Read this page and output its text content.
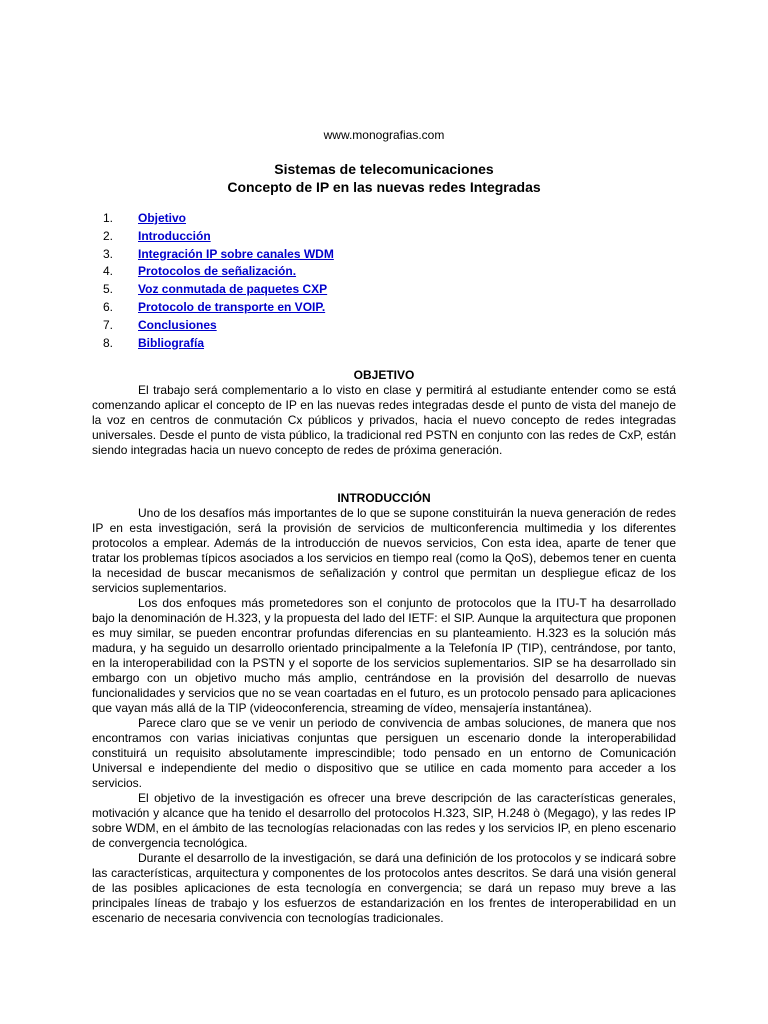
www.monografias.com
Sistemas de telecomunicaciones
Concepto de IP en las nuevas redes Integradas
1.	Objetivo
2.	Introducción
3.	Integración IP sobre canales WDM
4.	Protocolos de señalización.
5.	Voz conmutada de paquetes CXP
6.	Protocolo de transporte en VOIP.
7.	Conclusiones
8.	Bibliografía
OBJETIVO

El trabajo será complementario a lo visto en clase y permitirá al estudiante entender como se está comenzando aplicar el concepto de IP en las nuevas redes integradas desde el punto de vista del manejo de la voz en centros de conmutación Cx públicos y privados, hacia el nuevo concepto de redes integradas universales. Desde el punto de vista público, la tradicional red PSTN en conjunto con las redes de CxP, están siendo integradas hacia un nuevo concepto de redes de próxima generación.

INTRODUCCIÓN

Uno de los desafíos más importantes de lo que se supone constituirán la nueva generación de redes IP en esta investigación, será la provisión de servicios de multiconferencia multimedia y los diferentes protocolos a emplear. Además de la introducción de nuevos servicios, Con esta idea, aparte de tener que tratar los problemas típicos asociados a los servicios en tiempo real (como la QoS), debemos tener en cuenta la necesidad de buscar mecanismos de señalización y control que permitan un despliegue eficaz de los servicios suplementarios.

Los dos enfoques más prometedores son el conjunto de protocolos que la ITU-T ha desarrollado bajo la denominación de H.323, y la propuesta del lado del IETF: el SIP. Aunque la arquitectura que proponen es muy similar, se pueden encontrar profundas diferencias en su planteamiento. H.323 es la solución más madura, y ha seguido un desarrollo orientado principalmente a la Telefonía IP (TIP), centrándose, por tanto, en la interoperabilidad con la PSTN y el soporte de los servicios suplementarios. SIP se ha desarrollado sin embargo con un objetivo mucho más amplio, centrándose en la provisión del desarrollo de nuevas funcionalidades y servicios que no se vean coartadas en el futuro, es un protocolo pensado para aplicaciones que vayan más allá de la TIP (videoconferencia, streaming de vídeo, mensajería instantánea).

Parece claro que se ve venir un periodo de convivencia de ambas soluciones, de manera que nos encontramos con varias iniciativas conjuntas que persiguen un escenario donde la interoperabilidad constituirá un requisito absolutamente imprescindible; todo pensado en un entorno de Comunicación Universal e independiente del medio o dispositivo que se utilice en cada momento para acceder a los servicios.

El objetivo de la investigación es ofrecer una breve descripción de las características generales, motivación y alcance que ha tenido el desarrollo del protocolos H.323, SIP, H.248 ò (Megago), y las redes IP sobre WDM, en el ámbito de las tecnologías relacionadas con las redes y los servicios IP, en pleno escenario de convergencia tecnológica.

Durante el desarrollo de la investigación, se dará una definición de los protocolos y se indicará sobre las características, arquitectura y componentes de los protocolos antes descritos. Se dará una visión general de las posibles aplicaciones de esta tecnología en convergencia; se dará un repaso muy breve a las principales líneas de trabajo y los esfuerzos de estandarización en los frentes de interoperabilidad en un escenario de necesaria convivencia con tecnologías tradicionales.
